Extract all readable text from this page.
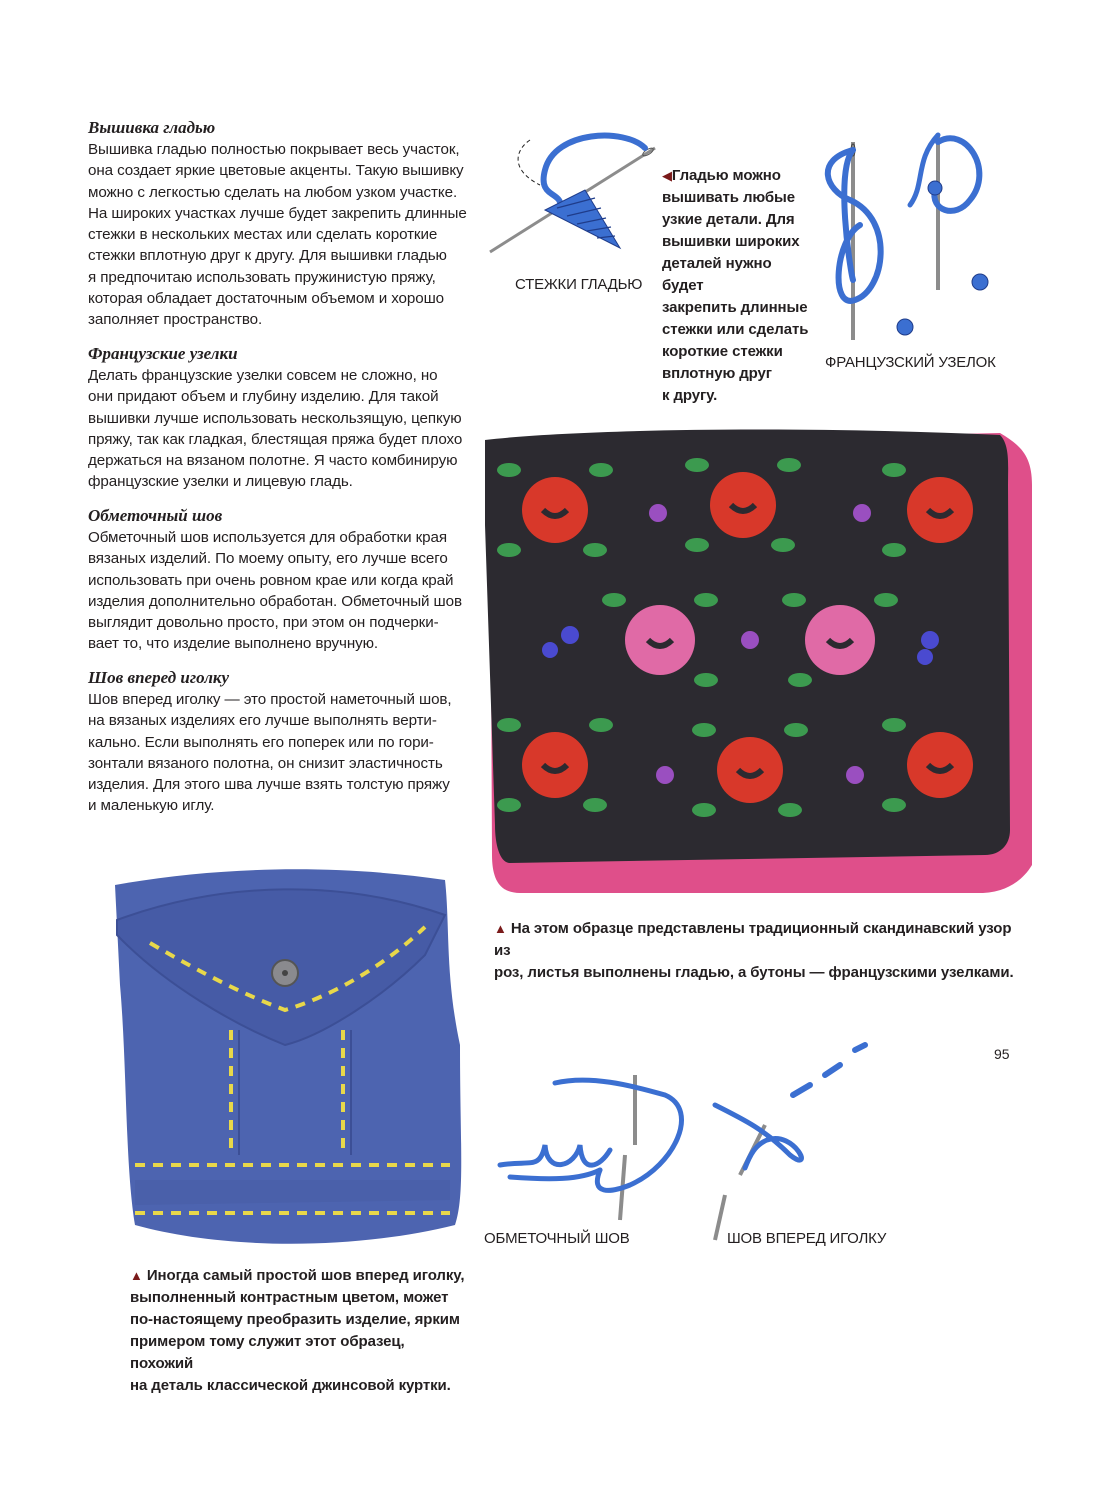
Вышивка гладью

Вышивка гладью полностью покрывает весь участок,
она создает яркие цветовые акценты. Такую вышивку
можно с легкостью сделать на любом узком участке.
На широких участках лучше будет закрепить длинные
стежки в нескольких местах или сделать короткие
стежки вплотную друг к другу. Для вышивки гладью
я предпочитаю использовать пружинистую пряжу,
которая обладает достаточным объемом и хорошо
заполняет пространство.

Французские узелки

Делать французские узелки совсем не сложно, но
они придают объем и глубину изделию. Для такой
вышивки лучше использовать нескользящую, цепкую
пряжу, так как гладкая, блестящая пряжа будет плохо
держаться на вязаном полотне. Я часто комбинирую
французские узелки и лицевую гладь.

Обметочный шов

Обметочный шов используется для обработки края
вязаных изделий. По моему опыту, его лучше всего
использовать при очень ровном крае или когда край
изделия дополнительно обработан. Обметочный шов
выглядит довольно просто, при этом он подчерки-
вает то, что изделие выполнено вручную.

Шов вперед иголку

Шов вперед иголку — это простой наметочный шов,
на вязаных изделиях его лучше выполнять верти-
кально. Если выполнять его поперек или по гори-
зонтали вязаного полотна, он снизит эластичность
изделия. Для этого шва лучше взять толстую пряжу
и маленькую иглу.

СТЕЖКИ ГЛАДЬЮ
◀Гладью можно
вышивать любые
узкие детали. Для
вышивки широких
деталей нужно будет
закрепить длинные
стежки или сделать
короткие стежки
вплотную друг
к другу.
ФРАНЦУЗСКИЙ УЗЕЛОК
▲ На этом образце представлены традиционный скандинавский узор из
роз, листья выполнены гладью, а бутоны — французскими узелками.
▲ Иногда самый простой шов вперед иголку,
выполненный контрастным цветом, может
по-настоящему преобразить изделие, ярким
примером тому служит этот образец, похожий
на деталь классической джинсовой куртки.
ОБМЕТОЧНЫЙ ШОВ	ШОВ ВПЕРЕД ИГОЛКУ
95
